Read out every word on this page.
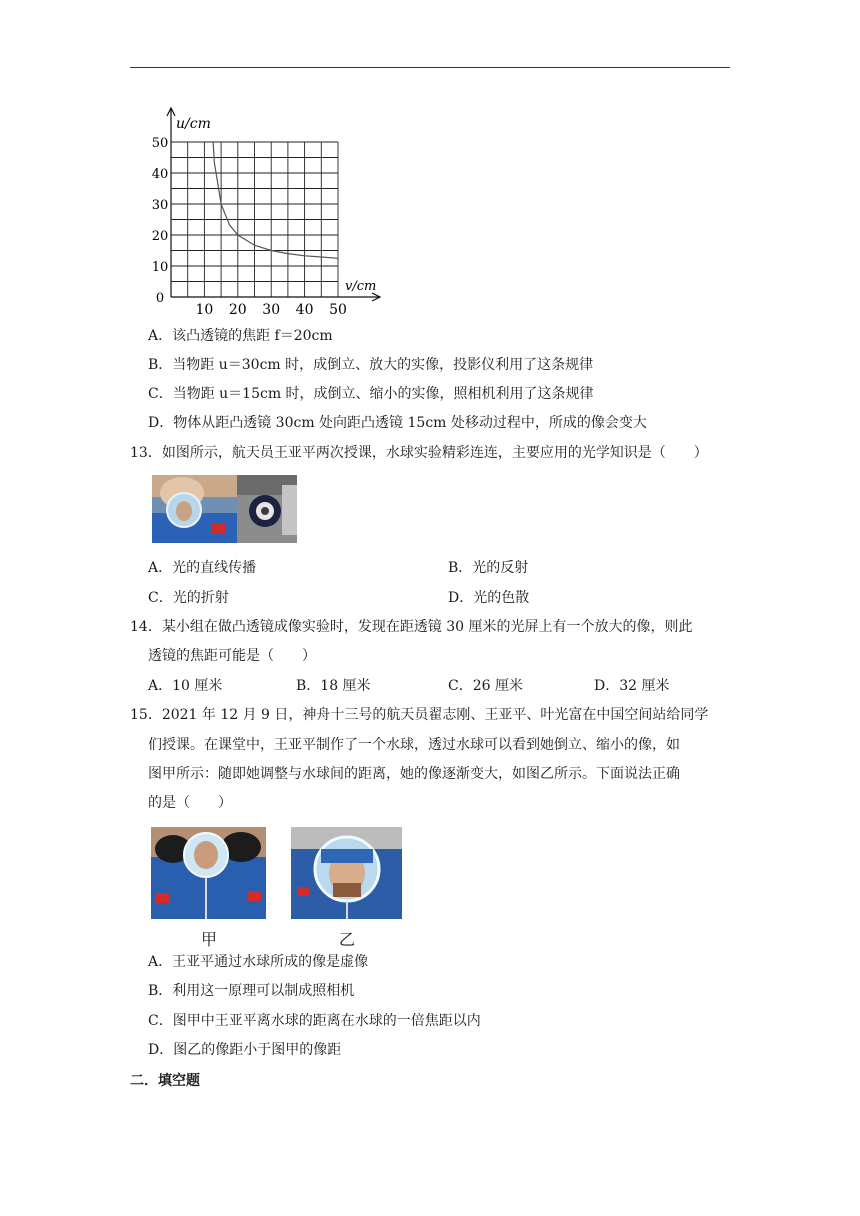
10 20 30 40 50
50
40
30
20
10
0
u/cm
v/cm
A．该凸透镜的焦距 f＝20cm
B．当物距 u＝30cm 时，成倒立、放大的实像，投影仪利用了这条规律
C．当物距 u＝15cm 时，成倒立、缩小的实像，照相机利用了这条规律
D．物体从距凸透镜 30cm 处向距凸透镜 15cm 处移动过程中，所成的像会变大
13．如图所示，航天员王亚平两次授课，水球实验精彩连连，主要应用的光学知识是（　　）
A．光的直线传播	B．光的反射
C．光的折射	D．光的色散
14．某小组在做凸透镜成像实验时，发现在距透镜 30 厘米的光屏上有一个放大的像，则此
透镜的焦距可能是（　　）
A．10 厘米	B．18 厘米	C．26 厘米	D．32 厘米
15．2021 年 12 月 9 日，神舟十三号的航天员翟志刚、王亚平、叶光富在中国空间站给同学
们授课。在课堂中，王亚平制作了一个水球，透过水球可以看到她倒立、缩小的像，如
图甲所示：随即她调整与水球间的距离，她的像逐渐变大，如图乙所示。下面说法正确
的是（　　）
甲	乙
A．王亚平通过水球所成的像是虚像
B．利用这一原理可以制成照相机
C．图甲中王亚平离水球的距离在水球的一倍焦距以内
D．图乙的像距小于图甲的像距
二．填空题
